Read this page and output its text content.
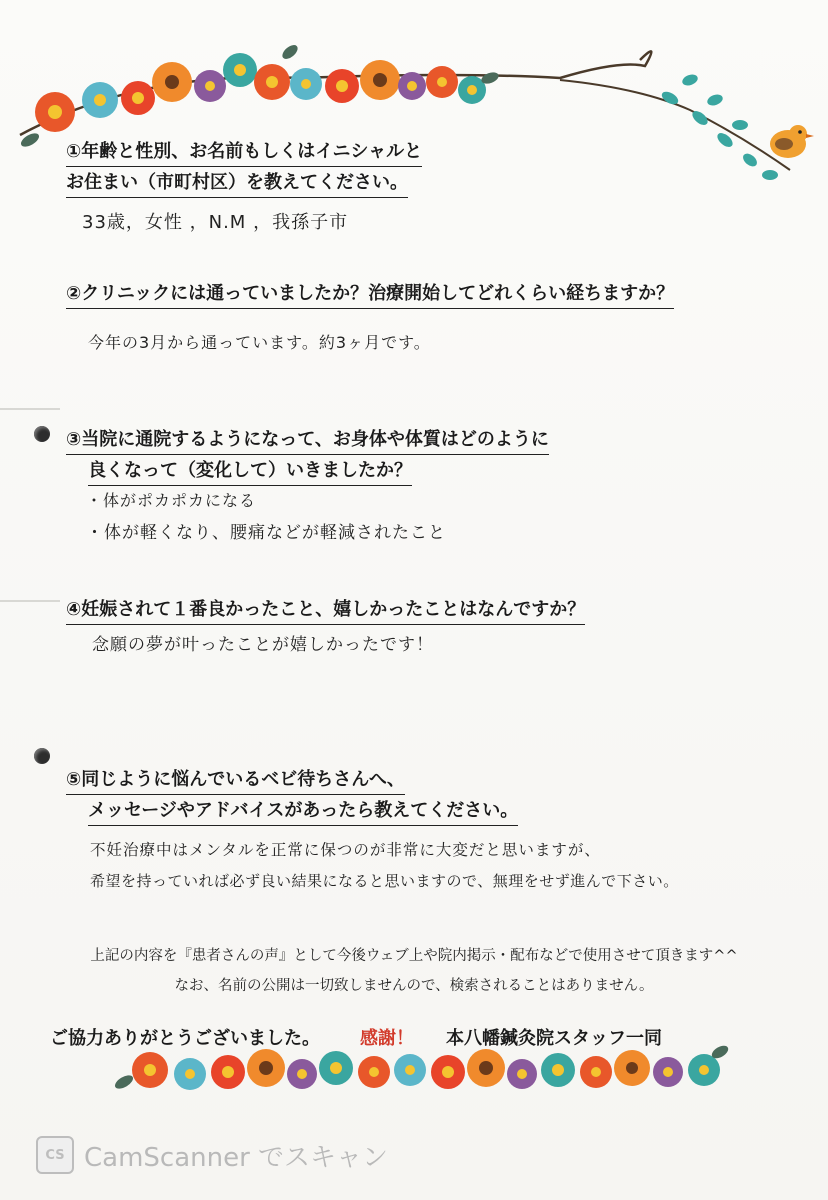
①年齢と性別、お名前もしくはイニシャルと
お住まい（市町村区）を教えてください。
33歳，女性 ，N.M ，我孫子市
②クリニックには通っていましたか？治療開始してどれくらい経ちますか？
今年の3月から通っています。約3ヶ月です。
③当院に通院するようになって、お身体や体質はどのように
良くなって（変化して）いきましたか？
・体がポカポカになる
・体が軽くなり、腰痛などが軽減されたこと
④妊娠されて１番良かったこと、嬉しかったことはなんですか？
念願の夢が叶ったことが嬉しかったです！
⑤同じように悩んでいるベビ待ちさんへ、
メッセージやアドバイスがあったら教えてください。
不妊治療中はメンタルを正常に保つのが非常に大変だと思いますが、
希望を持っていれば必ず良い結果になると思いますので、無理をせず進んで下さい。
上記の内容を『患者さんの声』として今後ウェブ上や院内掲示・配布などで使用させて頂きます^^
なお、名前の公開は一切致しませんので、検索されることはありません。
ご協力ありがとうございました。 感謝！ 本八幡鍼灸院スタッフ一同
CS CamScanner でスキャン
